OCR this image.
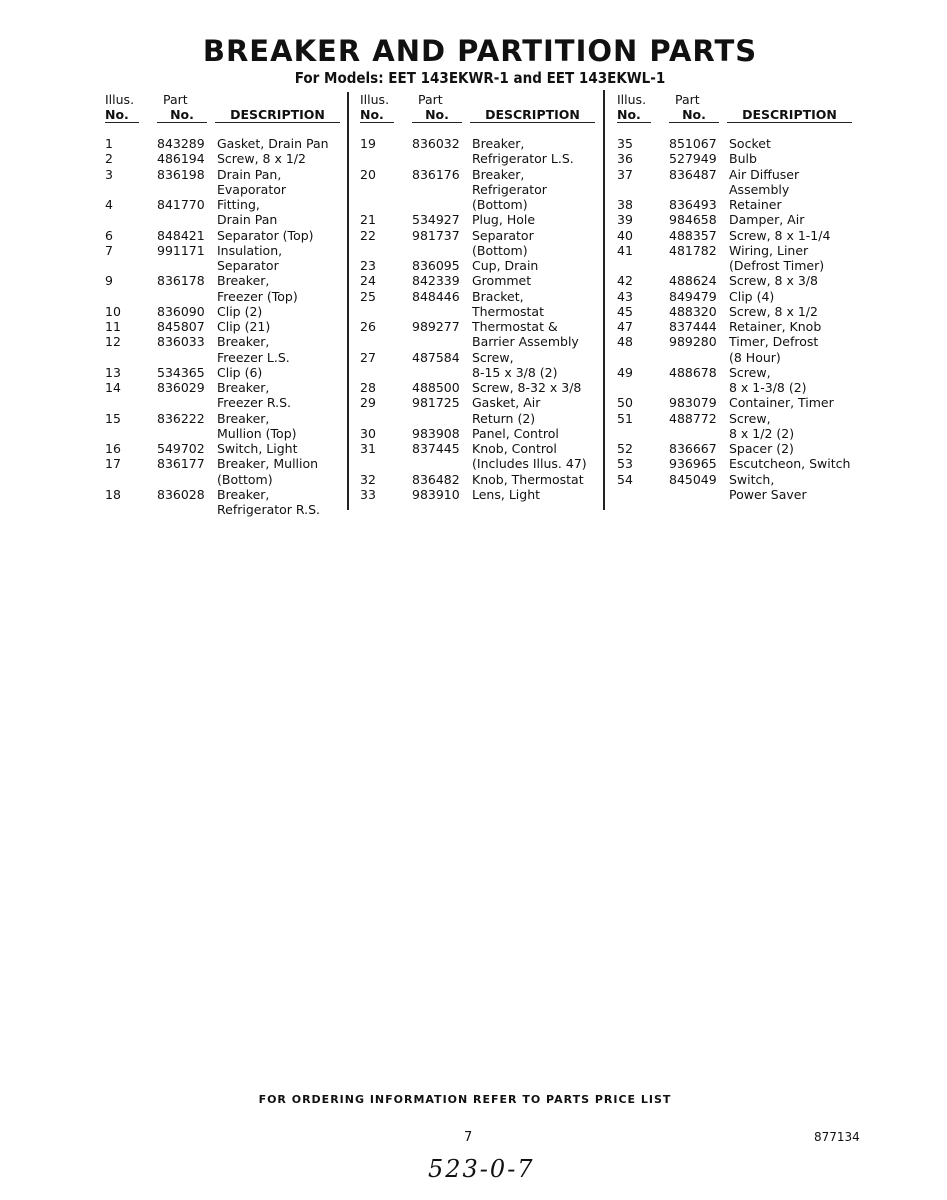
BREAKER AND PARTITION PARTS
For Models: EET 143EKWR-1 and EET 143EKWL-1
Illus.
No.
Part
No.	DESCRIPTION
1	843289 Gasket, Drain Pan
2	486194 Screw, 8 x 1/2
3	836198 Drain Pan,
Evaporator
4	841770 Fitting,
Drain Pan
6	848421 Separator (Top)
7	991171 Insulation,
Separator
9	836178 Breaker,
Freezer (Top)
10	836090 Clip (2)
11	845807 Clip (21)
12	836033 Breaker,
Freezer L.S.
13	534365 Clip (6)
14	836029 Breaker,
Freezer R.S.
15	836222 Breaker,
Mullion (Top)
16	549702 Switch, Light
17	836177 Breaker, Mullion
(Bottom)
18	836028 Breaker,
Refrigerator R.S.
Illus.
No.
Part
No.	DESCRIPTION
19	836032 Breaker,
Refrigerator L.S.
20	836176 Breaker,
Refrigerator
(Bottom)
21	534927 Plug, Hole
22	981737 Separator
(Bottom)
23	836095 Cup, Drain
24	842339 Grommet
25	848446 Bracket,
Thermostat
26	989277 Thermostat &
Barrier Assembly
27	487584 Screw,
8-15 x 3/8 (2)
28	488500 Screw, 8-32 x 3/8
29	981725 Gasket, Air
Return (2)
30	983908 Panel, Control
31	837445 Knob, Control
(Includes Illus. 47)
32	836482 Knob, Thermostat
33	983910 Lens, Light
Illus.
No.
Part
No.	DESCRIPTION
35	851067 Socket
36	527949 Bulb
37	836487 Air Diffuser
Assembly
38	836493 Retainer
39	984658 Damper, Air
40	488357 Screw, 8 x 1-1/4
41	481782 Wiring, Liner
(Defrost Timer)
42	488624 Screw, 8 x 3/8
43	849479 Clip (4)
45	488320 Screw, 8 x 1/2
47	837444 Retainer, Knob
48	989280 Timer, Defrost
(8 Hour)
49	488678 Screw,
8 x 1-3/8 (2)
50	983079 Container, Timer
51	488772 Screw,
8 x 1/2 (2)
52	836667 Spacer (2)
53	936965 Escutcheon, Switch
54	845049 Switch,
Power Saver
FOR ORDERING INFORMATION REFER TO PARTS PRICE LIST
7	877134
523-0-7
